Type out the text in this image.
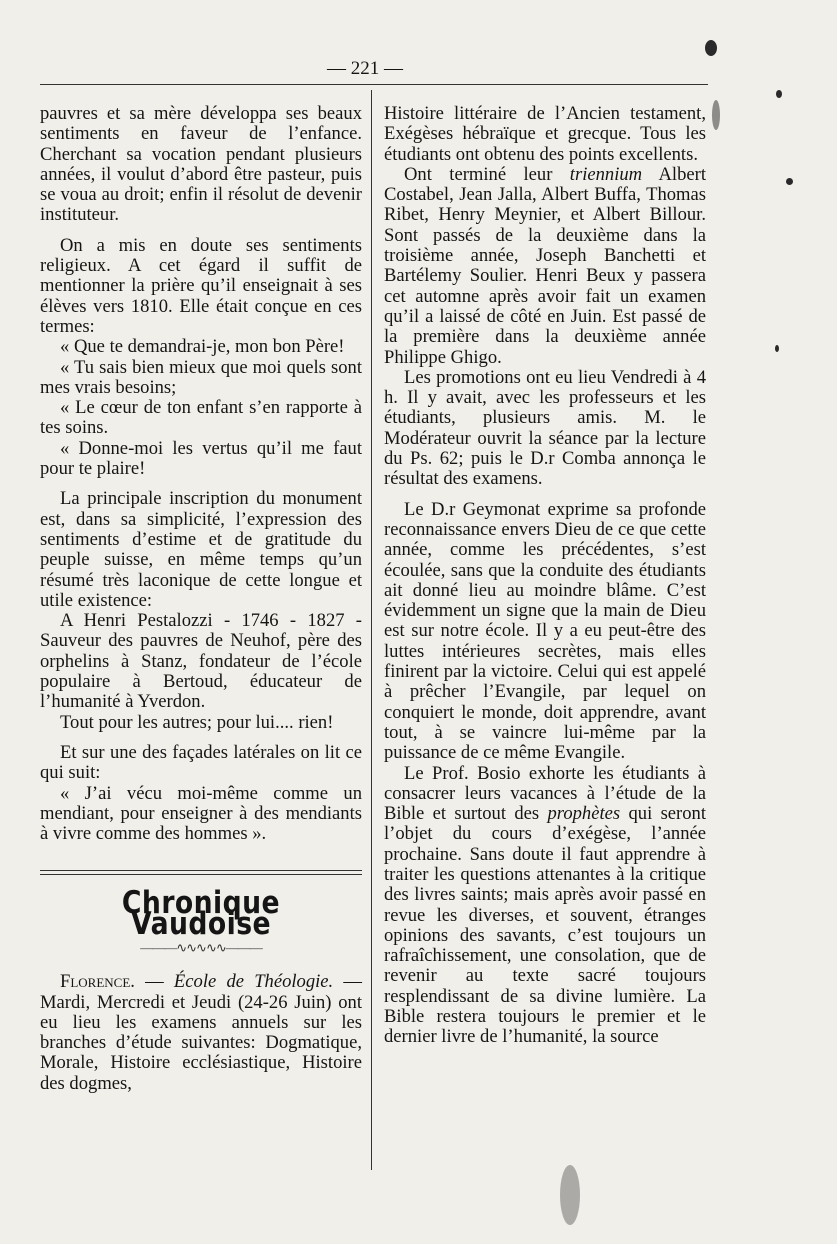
— 221 —

pauvres et sa mère développa ses beaux sentiments en faveur de l’enfance. Cherchant sa vocation pendant plusieurs années, il voulut d’abord être pasteur, puis se voua au droit; enfin il résolut de devenir instituteur.

On a mis en doute ses sentiments religieux. A cet égard il suffit de mentionner la prière qu’il enseignait à ses élèves vers 1810. Elle était conçue en ces termes:

« Que te demandrai-je, mon bon Père!

« Tu sais bien mieux que moi quels sont mes vrais besoins;

« Le cœur de ton enfant s’en rapporte à tes soins.

« Donne-moi les vertus qu’il me faut pour te plaire!

La principale inscription du monument est, dans sa simplicité, l’expression des sentiments d’estime et de gratitude du peuple suisse, en même temps qu’un résumé très laconique de cette longue et utile existence:

A Henri Pestalozzi - 1746 - 1827 - Sauveur des pauvres de Neuhof, père des orphelins à Stanz, fondateur de l’école populaire à Bertoud, éducateur de l’humanité à Yverdon.

Tout pour les autres; pour lui.... rien!

Et sur une des façades latérales on lit ce qui suit:

« J’ai vécu moi-même comme un mendiant, pour enseigner à des mendiants à vivre comme des hommes ».

Chronique Vaudoise
———∿∿∿∿∿———

Florence. — École de Théologie. — Mardi, Mercredi et Jeudi (24-26 Juin) ont eu lieu les examens annuels sur les branches d’étude suivantes: Dogmatique, Morale, Histoire ecclésiastique, Histoire des dogmes,

Histoire littéraire de l’Ancien testament, Exégèses hébraïque et grecque. Tous les étudiants ont obtenu des points excellents.

Ont terminé leur triennium Albert Costabel, Jean Jalla, Albert Buffa, Thomas Ribet, Henry Meynier, et Albert Billour. Sont passés de la deuxième dans la troisième année, Joseph Banchetti et Bartélemy Soulier. Henri Beux y passera cet automne après avoir fait un examen qu’il a laissé de côté en Juin. Est passé de la première dans la deuxième année Philippe Ghigo.

Les promotions ont eu lieu Vendredi à 4 h. Il y avait, avec les professeurs et les étudiants, plusieurs amis. M. le Modérateur ouvrit la séance par la lecture du Ps. 62; puis le D.r Comba annonça le résultat des examens.

Le D.r Geymonat exprime sa profonde reconnaissance envers Dieu de ce que cette année, comme les précédentes, s’est écoulée, sans que la conduite des étudiants ait donné lieu au moindre blâme. C’est évidemment un signe que la main de Dieu est sur notre école. Il y a eu peut-être des luttes intérieures secrètes, mais elles finirent par la victoire. Celui qui est appelé à prêcher l’Evangile, par lequel on conquiert le monde, doit apprendre, avant tout, à se vaincre lui-même par la puissance de ce même Evangile.

Le Prof. Bosio exhorte les étudiants à consacrer leurs vacances à l’étude de la Bible et surtout des prophètes qui seront l’objet du cours d’exégèse, l’année prochaine. Sans doute il faut apprendre à traiter les questions attenantes à la critique des livres saints; mais après avoir passé en revue les diverses, et souvent, étranges opinions des savants, c’est toujours un rafraîchissement, une consolation, que de revenir au texte sacré toujours resplendissant de sa divine lumière. La Bible restera toujours le premier et le dernier livre de l’humanité, la source
